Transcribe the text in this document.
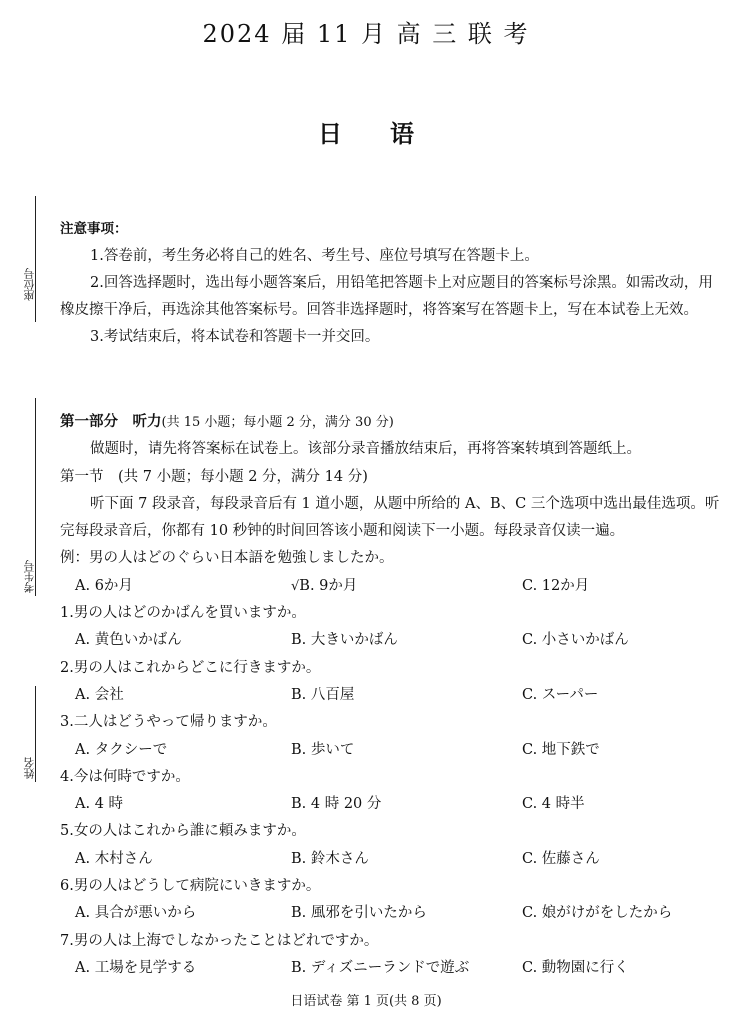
2024 届 11 月 高 三 联 考
日 语
座位号
考生号
姓名
注意事项：
1.答卷前，考生务必将自己的姓名、考生号、座位号填写在答题卡上。
2.回答选择题时，选出每小题答案后，用铅笔把答题卡上对应题目的答案标号涂黑。如需改动，用橡皮擦干净后，再选涂其他答案标号。回答非选择题时，将答案写在答题卡上，写在本试卷上无效。
3.考试结束后，将本试卷和答题卡一并交回。
第一部分　听力(共 15 小题；每小题 2 分，满分 30 分)
做题时，请先将答案标在试卷上。该部分录音播放结束后，再将答案转填到答题纸上。
第一节　(共 7 小题；每小题 2 分，满分 14 分)
听下面 7 段录音，每段录音后有 1 道小题，从题中所给的 A、B、C 三个选项中选出最佳选项。听完每段录音后，你都有 10 秒钟的时间回答该小题和阅读下一小题。每段录音仅读一遍。
例：男の人はどのぐらい日本語を勉強しましたか。
A. 6か月	√B. 9か月	C. 12か月
1.男の人はどのかばんを買いますか。
A. 黄色いかばん	B. 大きいかばん	C. 小さいかばん
2.男の人はこれからどこに行きますか。
A. 会社	B. 八百屋	C. スーパー
3.二人はどうやって帰りますか。
A. タクシーで	B. 歩いて	C. 地下鉄で
4.今は何時ですか。
A. 4 時	B. 4 時 20 分	C. 4 時半
5.女の人はこれから誰に頼みますか。
A. 木村さん	B. 鈴木さん	C. 佐藤さん
6.男の人はどうして病院にいきますか。
A. 具合が悪いから	B. 風邪を引いたから	C. 娘がけがをしたから
7.男の人は上海でしなかったことはどれですか。
A. 工場を見学する	B. ディズニーランドで遊ぶ	C. 動物園に行く
日语试卷 第 1 页(共 8 页)
